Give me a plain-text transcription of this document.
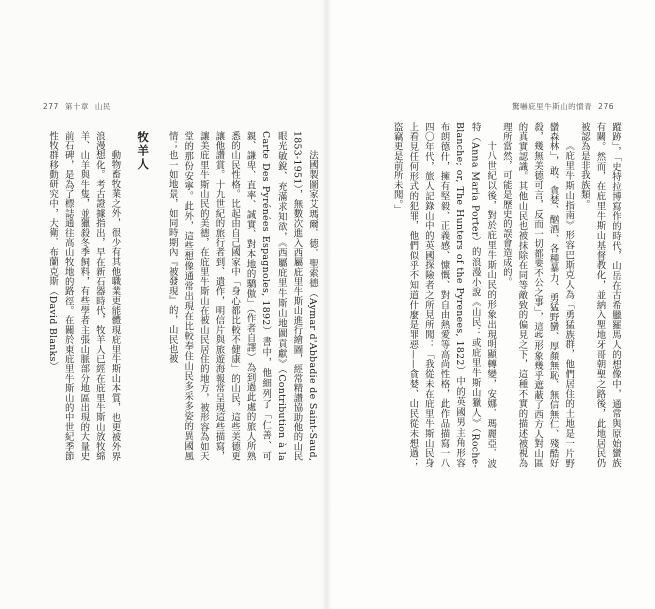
277 第十章 山民

法國製圖家艾瑪爾．德．聖索德（Aymar d'Abbadie de Saint-Saud, 1853-1951），無數次進入西屬庇里牛斯山進行繪圖，經常精讚協助他的山民眼光敏銳、充滿求知欲，《西屬庇里牛斯山地圖貢獻》（Contribution à la Carte Des Pyrénées Espagnoles, 1892）書中，他細列了「仁善、可親、謙卑、直率、誠實、對本地的驕傲」（作者自譯）為到過此處的旅人所熟悉的山民性格。比起由自己國家中「身心都比較不健康」的山民，這些美德更讓他讚賞。十九世紀的旅行者到、遣作，明信片與旅遊海報常呈現這些描寫，讓美庇里牛斯山民的美德，在庇里牛斯山在被山民居住的地方，被形容為如天堂的那份安寧。此外，這些想像通常出現在比較奉住山民多采多姿的異國風情；也一如地景，如同時期內『被發現』的，山民也被

牧羊人

動物畜牧業之外，很少有其他職業更能體現庇里牛斯山本質，也更被外界浪漫想化。考古證據指出，早在新石器時代，牧羊人已經在庇里牛斯山放牧綿羊、山羊與牛隻，並獵殺冬季飼料，有些學者主張山脈部分地區出現的大量史前石碑，是為了標誌通往高山牧地的路徑。在關於東庇里牛斯山的中世紀季節性牧群移動研究中，大衛．布蘭克斯（David Blanks）

驚嚇庇里牛斯山的憤青 276

蹤跡」，「史特拉博寫作的時代，山岳在古希臘羅馬人的想像中，通常與原始蠻族有關。然而，在庇里牛斯山基督教化，並納入聖地牙哥朝聖之路後，此地居民仍被認為是非我族類。

《庇里牛斯山指南》形容巴斯克人為「勇猛族群，他們居住的土地是一片野蠻森林」，敢、貪婪、酗酒、各種暴力、勇猛野蠻、厚顏無恥、無信無仁、殘酷好殺，幾無美德可言，反而一切都要不公之事」，這些形象幾乎遮蔽了西方人對山區的真實認識。其他山民也被抹除在同等敵致的偏見之下，這種不實的描述被視為理所當然，可能是歷史的誤會造成的。

十八世紀以後，對於庇里牛斯山民的形象出現明顯轉變，安娜．瑪麗亞．波特（Anna Maria Porter）的浪漫小說《山民：或庇里牛斯山獵人》（Roche-Blanche; or, The Hunters of the Pyrenees, 1822）中的英國男主角形容布朗德什，擁有堅毅、正義感、慷慨、對自由熱愛等高尚性格，此作品描寫一八四〇年代，旅人記錄山中的英國探險者之所見所聞：「我從未在庇里牛斯山民身上看見任何形式的犯罪，他們似乎不知道什麼是罪惡——貪婪、山民從未想過；盜竊更是前所未聞。」
